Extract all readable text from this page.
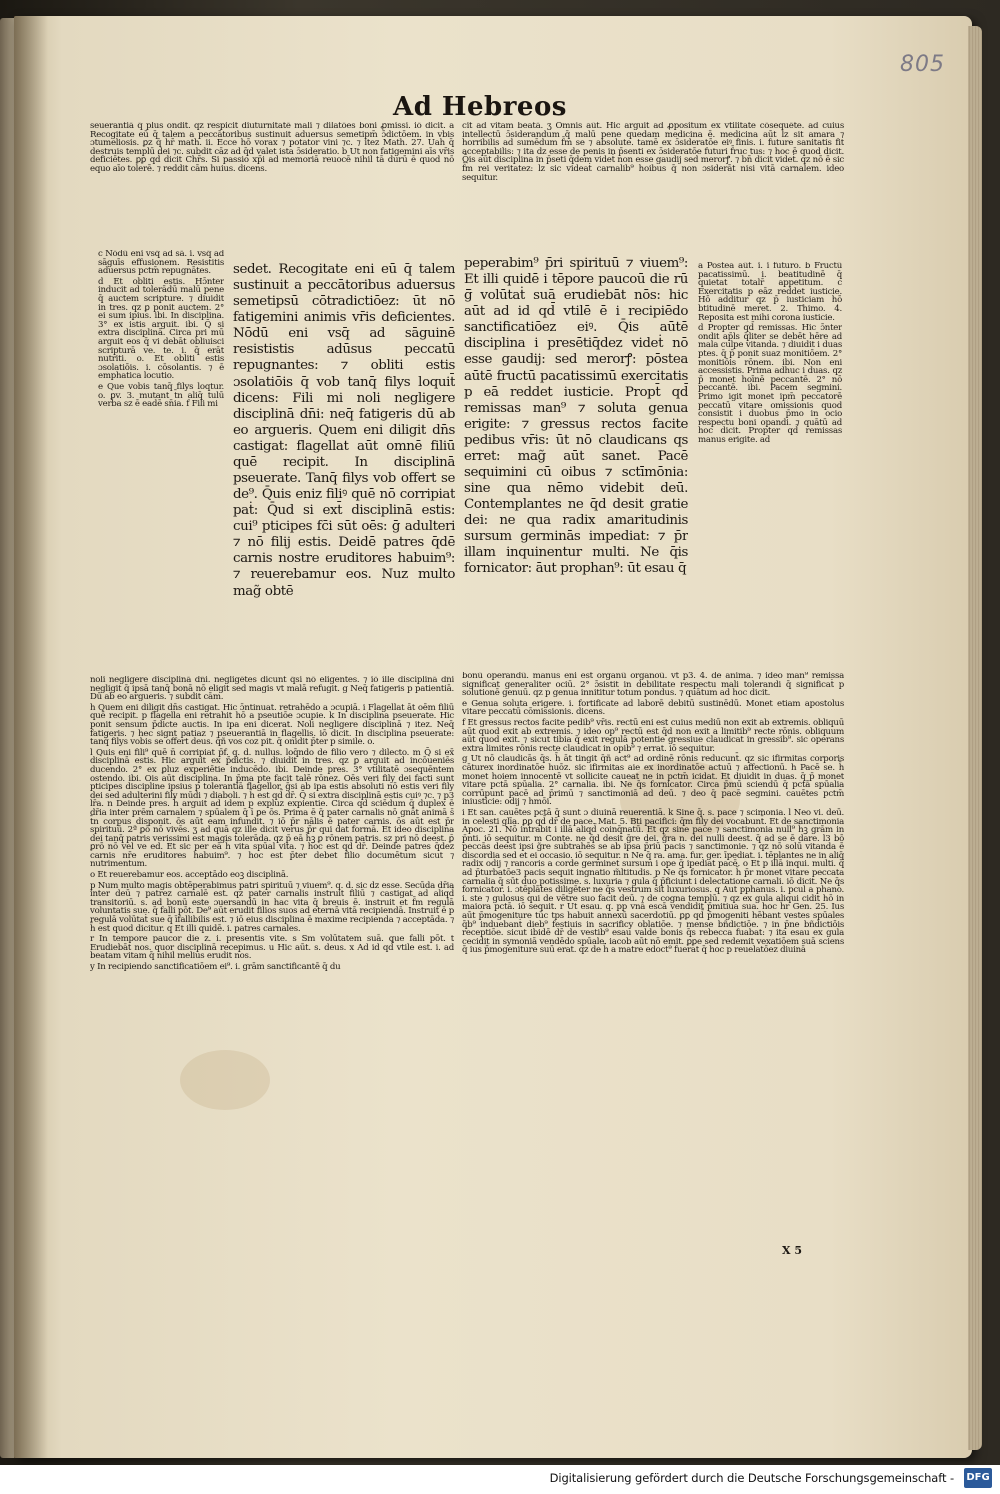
805
Ad Hebreos

seuerantiā q̄ plus ondit. qz respicit diuturnitatē mali ⁊ dilatōes boni ꝓmissi. iō dicit. a Recogitate eū q̄ talem a peccātoribus sustinuit aduersus semetipm̄ ɔ̄dictōem. in vbis ɔtumeliosis. ꝑz q̄ hr̄ math. ii. Ecce hō vorax ⁊ potator vini ⁊c. ⁊ itez Math. 27. Uah q̄ destruis templū dei ⁊c. subdit cāz ad q̄d valet ista ɔ̄sideratio. b Ut non fatigemini aīs vr̄is deficiētes. ꝑꝑ qd̄ dicit Chr̄s. Si passio xp̄i ad memoriā reuocē nihil tā durū ē quod nō equo aīo tolerē. ⁊ reddit cām huius. dicens.

c Nōdū eni vsq̄ ad sā. i. vsq̄ ad sāguīs effusionem. Resistitis aduersus pctm̄ repugnātes.

d Et obliti estis. Hɔ̄nter inducit ad tolerādū malū pene q̄ auctem scripture. ⁊ diuidit in tres. qz ꝑ ponit auctem. 2° ei sum ipius. ibi. In disciplina. 3° ex istis arguit. ibi. Q̄ si extra disciplinā. Circa pri mū arguit eos q̄ vi debāt obliuisci scripturā ve. te. i. q̄ erāt nutriti. o. Et obliti estis ɔsolatiōis. i. cōsolantis. ⁊ ē emphatica locutio.

e Que vobis tanq̄ filys loqtur. o. ꝑv. 3. mutant t̄n aliq̄ tulū verba sz ē eadē sn̄ia. f Fili mi

sedet. Recogitate eni eū q̄ talem sustinuit a peccātoribus aduersus semetipsū cōtradictiōez: ūt nō fatigemini animis vr̄is deficientes. Nōdū eni vsq̄ ad sāguinē resististis adūsus peccatū repugnantes: ⁊ obliti estis ɔsolatiōis q̄ vob tanq̄ filys loquit̄ dicens: Fili mi noli negligere disciplinā dn̄i: neq̄ fatigeris dū ab eo argueris. Quem eni diligit dn̄s castigat: flagellat aūt omnē filiū quē recipit. In disciplinā pseuerate. Tanq̄ filys vob offert se de⁹. Q̄uis eniz filiꝰ quē nō corripiat paṫ: Q̄ud si ext̄ disciplinā estis: cui⁹ pticipes fc̄i sūt oēs: ḡ adulteri ⁊ nō filij estis. Deidē patres q̄dē carnis nostre eruditores habuim⁹: ⁊ reuerebamur eos. Nuz multo mag̃ obtē

peperabim⁹ p̄ri spirituū ⁊ viuem⁹: Et illi quidē i tēpore paucoū die rū ḡ̄ volūtaṫ suā erudiebāt nōs: hic aūt ad id qd̄ vtilē ē i recipiēdo sanctificatiōez eiꝰ. Q̄is aūtē disciplina i presētiq̄dez videṫ nō esse gaudij: sed merorꝭ: pōstea aūtē fructū pacatissimū exercitatis p eā reddet iusticie. Propt̄ qd̄ remissas man⁹ ⁊ soluta genua erigite: ⁊ gressus rectos facite pedibus vr̄is: ūt nō claudicans qs erret: mag̃ aūt sanet. Pacē sequimini cū oibus ⁊ sctīmōnia: sine qua nēmo videbit deū. Contemplantes ne q̄d desit gratie dei: ne qua radix amaritudinis sursum germinās impediat: ⁊ p̄r illam inquinentur multi. Ne q̄is fornicator: āut prophan⁹: ūt esau q̄

cit ad vitam beatā. ʒ Omnis aūt. Hic arguit ad ꝓpositum ex vtilitate cōsequēte. ad cuius intellectū ɔ̄siderandum q̄ malū pene quedam medicina ē. medicina aūt lz sit amara ⁊ horribilis ad sumēdum f̄m se ⁊ absolute. tamē ex ɔ̄sideratōe eiꝰ finis. i. future sanitatis fit acceptabilis: ⁊ ita dz esse de penis in p̄senti ex ɔ̄sideratōe futuri f̄ruc tus: ⁊ hoc ē quod dicit. Q̄is aūt disciplina in p̄seti q̄dem videṫ non esse gaudij sed merorꝭ. ⁊ bn̄ dicit videṫ. qz nō ē sic f̄m rei veritatez: lz sic videaṫ carnalib⁹ hoibus q̄ non ɔsiderāt nisi vitā carnalem. ideo sequitur.

a Postea aūt. i. i futuro. b Fructū pacatissimū. i. beatitudinē q̄ quietat totalr̄ appetitum. c Exercitatis p eāz reddet iusticie. Hō additur qz p̄ iusticiam hō btitudinē meret. 2. Thimo. 4. Reposita est mihi corona iusticie.

d Propter qd̄ remissas. Hic ɔ̄nter ondit ap̄ls q̄liter se debēt hēre ad mala culpe vitanda. ⁊ diuidit i duas ptes. q̄ p̄ ponit suaz monitiōem. 2° monitiōis rōnem. ibi. Non eni accessistis. Prima adhuc i duas. qz p̄ monet hoīnē peccantē. 2° nō peccantē. ibi. Pacem segmini. Primo igit monet ipm̄ peccatorē peccatū vitare omissionis quod consistit i duobus p̄mo in ocio respectu boni opandi. ⁊ quātū ad hoc dicit. Propter qd̄ remissas manus erigite. ad

noli negligere disciplinā dn̄i. negligētes dicunt̄ q̄si nō eligentes. ⁊ iō ille disciplinā dn̄i negligit q̄ ipsā tanq̄ bonā nō eligit sed magis vt malā refugit. g Neq̄ fatigeris p patientiā. Dū ab eo argueris. ⁊ subdit cām.

h Quem eni diligit dn̄s castigat. Hic ɔ̄ntinuat. retrahēdo a ɔcupiā. i Flagellat āt oēm filiū quē recipit. p flagella eni retrahit hō a pseutiōe ɔcupie. k In disciplina pseuerate. Hic ponit sensum p̄dicte auctis. In ipa eni dicerat. Noli negligere disciplinā ⁊ itez. Neq̄ fatigeris. ⁊ hec signt patiaz ⁊ pseuerantiā in flagellis. iō dicit. In disciplina pseuerate: tanq̄ filys vobis se offert deus. q̄ñ vos coz pit. q̄ onidit p̄ter p simile. o.

l Quis eni fili⁹ quē n̄ corripiat p̄f. q. d. nullus. loq̄ndo de filio vero ⁊ dilecto. m Q̄ si ex̄ disciplinā estis. Hic arguit ex p̄dictis. ⁊ diuidit in tres. qz ꝑ arguit ad incōueniēs ducendo. 2° ex ꝑluz experiētie inducēdo. ibi. Deinde pres. 3° vtilitatē ɔsequēntem ostendo. ibi. Ois aūt disciplina. In p̄ma pte facit talē rōnez. Oēs veri fily dei facti sunt pticipes discipline ipsius p tolerantiā flagellor. ḡsi ab ipa estis absoluti nō estis veri fily dei sed adulterini fily mūdi ⁊ diaboli. ⁊ h̄ est qd̄ dr̄. Q̄ si extra disciplinā estis cuiꝰ ⁊c. ⁊ p3 lr̄a. n Deinde pres. h̄ arguit ad idem p expluz expientie. Circa qd̄ sciēdum q̄ duplex ē dr̄ia inter prēm carnalem ⁊ spūalem q̄ ī ꝑe ōs. Prima ē q̄ pater carnalis nō gnāt animā s̄ t̄n corpus disponit. ōs aūt eam infundit. ⁊ iō p̄r nālis ē pater carnis. ōs aūt est p̄r spirituū. 2ª ꝑō nō vivēs. ʒ ad quā qz ille dicit verus p̄r qui dat formā. Et ideo disciplina dei tanq̄ patris verissimi est magis tolerāda. qz p̄ eā h̄ꝫ ꝑ rōnem patris. sz pri nō deest. ꝑ̄ ꝑrō nō vel ve ed. Et sic per eā h̄ vita spūal vita. ⁊ hoc est qd̄ dr̄. Deinde patres q̄dez carnis nr̄e eruditores habuim⁹. ⁊ hoc est p̄ter debet filio documētum sicut ⁊ nutrimentum.

o Et reuerebamur eos. acceptādo eoꝫ disciplinā.

p Num multo magis obtēperabimus patri spirituū ⁊ viuem⁹. q. d. sic dz esse. Secūda dr̄ia inter deū ⁊ patrez carnalē est. qz pater carnalis instruit filiū ⁊ castigat ad aliqd̄ transitoriū. s. ad bonū este ɔuersandū in hac vita q̄ breuis ē. instruit et f̄m regulā voluntatis sue. q̄ falli pōt. De⁹ aūt erudit filios suos ad eternā vitā recipiendā. Instruit ē p regulā volūtaṫ sue q̄ īfallibilis est. ⁊ iō eius disciplina ē maxime recipienda ⁊ acceptāda. ⁊ h̄ est quod dicitur. q Et illi quidē. i. patres carnales.

r In tempore paucor die z. i. presentis vite. s Sm volūtatem suā. que falli pōt. t Erudiebāt nos. quor disciplinā recepimus. u Hic aūt. s. deus. x Ad id qd̄ vtile est. i. ad beatam vitam q̄ nihil melius erudit nos.

y In recipiendo sanctificatiōem ei⁹. i. grām sanctificantē q̄ du

bonū operandū. manus eni est organū organoū. vt p3. 4. de anima. ⁊ ideo man⁹ remissa significat generaliter ociū. 2° ɔ̄sistit in debilitate respectu mali tolerandi q̄ significaṫ p solutionē genuū. qz p genua innititur totum pondus. ⁊ quātum ad hoc dicit.

e Genua soluta erigere. i. fortificate ad laborē debitū sustinēdū. Monet etiam apostolus vitare peccatū cōmissionis. dicens.

f Et gressus rectos facite pedib⁹ vr̄is. rectū eni est cuius mediū non exit ab extremis. obliquū aūt quod exit ab extremis. ⁊ ideo op⁹ rectū est q̄d non exit a limitib⁹ recte rōnis. obliquum aūt quod exit. ⁊ sicut tibia q̄ exit regulā potentie gressiue claudicat in gressib⁹. sic operans extra limites rōnis recte claudicat in opib⁹ ⁊ errat. iō sequitur.

g Ut nō claudicās q̄s. h̄ āt tingit q̄ñ act⁹ ad ordinē rōnis reducunt̄. qz sic ifirmitas corporis cāturex inordinatōe huōz. sic ifirmitas aie ex inordinatōe actuū ⁊ affectionū. h Pacē se. h̄ monet hoiem innocentē vt sollicite caueat ne in pctm̄ icidat. Et diuidit in duas. q̄ p̄ monet vitare pctā spūalia. 2° carnalia. ibi. Ne q̄s fornicator. Circa p̄mū sciendū q̄ pctā spūalia corrūpunt pacē ad p̄rimū ⁊ sanctimoniā ad deū. ⁊ deo q̄ pacē segmini. cauētes pctm̄ iniusticie: odij ⁊ hmōi.

i Et san. cauētes pctā q̄ sunt ɔ diuinā reuerentiā. k Sine q̄. s. pace ⁊ scimonia. l Neo vi. deū. in celesti glīa. ꝑꝑ qd̄ dr̄ de pace. Mat. 5. Bti pacifici: q̄m fily dei vocabunt̄. Et de sanctimonia Apoc. 21. Nō intrabit i illā aliqd̄ coinq̄natū. Et qz sine pace ⁊ sanctimonia null⁹ h̄ꝫ grām in p̄nti. iō sequitur. m Conte. ne q̄d desit ḡre dei. g̃ra n. dei nulli deest. q̄ ad se ē dare. l3 bō peccās deest ipsi g̃re subtrahēs se ab ipsa p̄riū pacis ⁊ sanctimonie. ⁊ qz nō solū vitanda ē discordia sed et ei occasio. iō sequitur. n Ne q̄ ra. ama. fur. ger. īpediat. i. tēplantes ne in aliq̄ radix odij ⁊ rancoris a corde germinet sursum i ope q̄ ipediat pacē. o Et p illā inqui. multi. q̄ ad p̄turbatōe3 pacis sequit ingnatio m̃ltitudis. p Ne q̄s fornicator. h̄ p̄r monet vitare peccata carnalia q̄ sūt duo potissime. s. luxuria ⁊ gula q̄ p̄ficiunt i delectatione carnali. iō dicit. Ne q̄s fornicator. i. ɔtēplātes diligēter ne q̄s vestrum sit luxuriosus. q Aut pphanus. i. pcul a phano. i. ste ⁊ gulosus qui de vētre suo facit deū. ⁊ de cogna templū. ⁊ qz ex gula aliqui cidit hō in maiora pctā. iō sequit. r Ut esau. q. pp vnā escā vendidit p̄mitiua sua. hoc h̄r Gen. 25. Ius aūt p̄mogeniture tūc tps habuit annexū sacerdotiū. ꝑꝑ qd̄ p̄mogeniti hēbant vestes spūales q̄b⁹ induebanṫ dieb⁹ festiuis in sacrificy oblatiōe. ⁊ mense bñdictiōe. ⁊ in p̄ne bñdictiōis receptiōe. sicut ibidē dr̄ de vestib⁹ esau valde bonis q̄s rebecca fuabat: ⁊ ita esau ex gula cecidit in symoniā vendēdo spūale. iacob aūt nō emit. ꝑꝑe sed redemit vexatiōem suā sciens q̄ ius p̄mogeniture suū erat. qz de h̄ a matre edoct⁹ fuerat q̄ hoc p reuelatōez diuinā

X 5
Digitalisierung gefördert durch die Deutsche Forschungsgemeinschaft - DFG
